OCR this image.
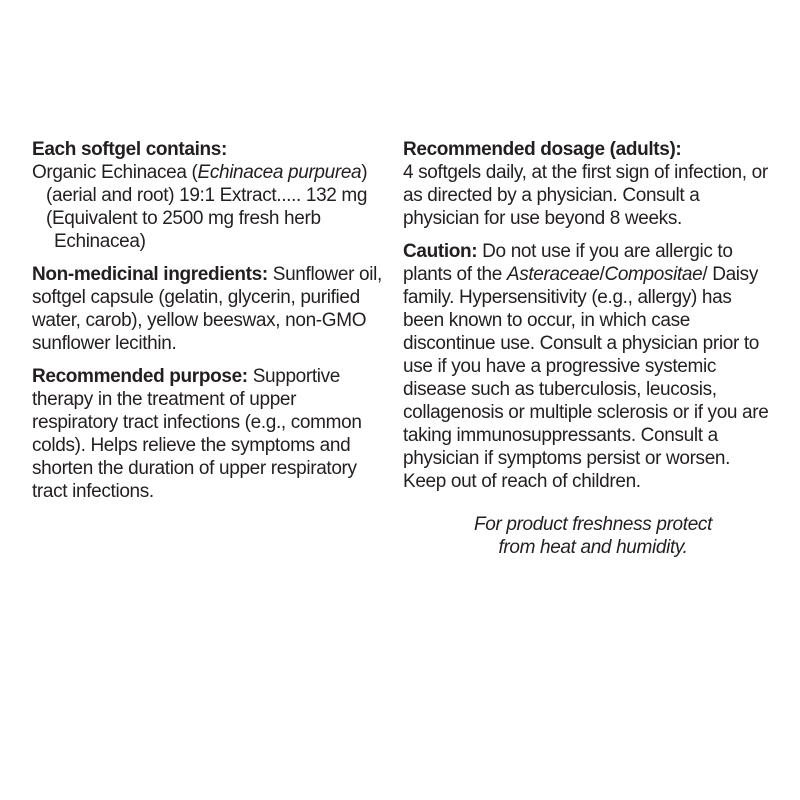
Each softgel contains:

Organic Echinacea (Echinacea purpurea)

(aerial and root) 19:1 Extract..... 132 mg

(Equivalent to 2500 mg fresh herb

Echinacea)

Non-medicinal ingredients: Sunflower oil, softgel capsule (gelatin, glycerin, purified water, carob), yellow beeswax, non-GMO sunflower lecithin.

Recommended purpose: Supportive therapy in the treatment of upper respiratory tract infections (e.g., common colds). Helps relieve the symptoms and shorten the duration of upper respiratory tract infections.

Recommended dosage (adults):

4 softgels daily, at the first sign of infection, or as directed by a physician. Consult a physician for use beyond 8 weeks.

Caution: Do not use if you are allergic to plants of the Asteraceae/Compositae/ Daisy family. Hypersensitivity (e.g., allergy) has been known to occur, in which case discontinue use. Consult a physician prior to use if you have a progressive systemic disease such as tuberculosis, leucosis, collagenosis or multiple sclerosis or if you are taking immunosuppressants. Consult a physician if symptoms persist or worsen. Keep out of reach of children.

For product freshness protect

from heat and humidity.
